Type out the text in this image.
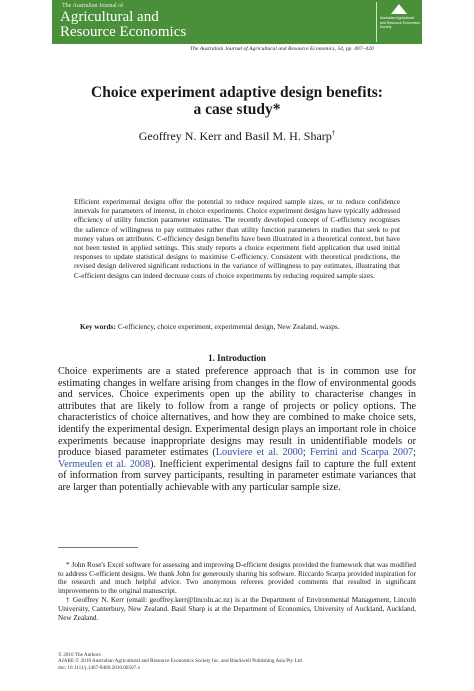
The Australian Journal of
Agricultural and
Resource Economics
Australian Agricultural and Resource Economics Society
The Australian Journal of Agricultural and Resource Economics, 54, pp. 407–420
Choice experiment adaptive design benefits:
a case study*
Geoffrey N. Kerr and Basil M. H. Sharp†
Efficient experimental designs offer the potential to reduce required sample sizes, or to reduce confidence intervals for parameters of interest, in choice experiments. Choice experiment designs have typically addressed efficiency of utility function parameter estimates. The recently developed concept of C-efficiency recognises the salience of willingness to pay estimates rather than utility function parameters in studies that seek to put money values on attributes. C-efficiency design benefits have been illustrated in a theoretical context, but have not been tested in applied settings. This study reports a choice experiment field application that used initial responses to update statistical designs to maximise C-efficiency. Consistent with theoretical predictions, the revised design delivered significant reductions in the variance of willingness to pay estimates, illustrating that C-efficient designs can indeed decrease costs of choice experiments by reducing required sample sizes.
Key words: C-efficiency, choice experiment, experimental design, New Zealand, wasps.
1. Introduction
Choice experiments are a stated preference approach that is in common use for estimating changes in welfare arising from changes in the flow of environmental goods and services. Choice experiments open up the ability to characterise changes in attributes that are likely to follow from a range of projects or policy options. The characteristics of choice alternatives, and how they are combined to make choice sets, identify the experimental design. Experimental design plays an important role in choice experiments because inappropriate designs may result in unidentifiable models or produce biased parameter estimates (Louviere et al. 2000; Ferrini and Scarpa 2007; Vermeulen et al. 2008). Inefficient experimental designs fail to capture the full extent of information from survey participants, resulting in parameter estimate variances that are larger than potentially achievable with any particular sample size.

* John Rose's Excel software for assessing and improving D-efficient designs provided the framework that was modified to address C-efficient designs. We thank John for generously sharing his software. Riccardo Scarpa provided inspiration for the research and much helpful advice. Two anonymous referees provided comments that resulted in significant improvements to the original manuscript.

† Geoffrey N. Kerr (email: geoffrey.kerr@lincoln.ac.nz) is at the Department of Environmental Management, Lincoln University, Canterbury, New Zealand. Basil Sharp is at the Department of Economics, University of Auckland, Auckland, New Zealand.

© 2010 The Authors
AJARE © 2010 Australian Agricultural and Resource Economics Society Inc. and Blackwell Publishing Asia Pty Ltd
doi: 10.1111/j.1467-8489.2010.00507.x
